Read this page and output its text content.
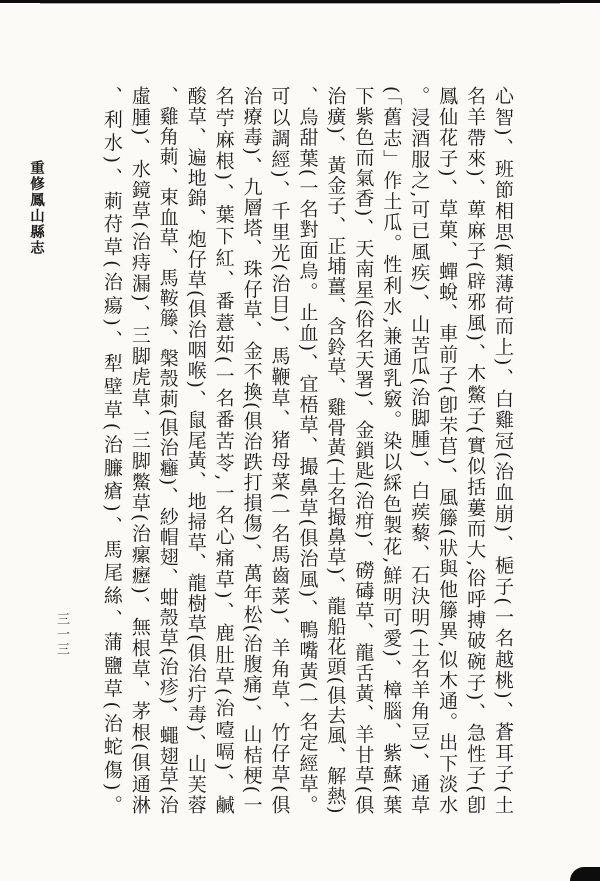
重修鳳山縣志
三一三	心智)、班節相思(類薄荷而上)、白雞冠(治血崩)、梔子(一名越桃)、蒼耳子(土
名羊帶來)、萆麻子(辟邪風)、木鱉子(實似括蔞而大,俗呼搏破碗子)、急性子(卽
鳳仙花子)、草菓、蟬蛻、車前子(卽芣苢)、風籐(狀與他籐異,似木通。出下淡水
。浸酒服之,可已風疾)、山苦瓜(治脚腫)、白蒺藜、石決明(土名羊角豆)、通草
(「舊志」作土瓜。性利水,兼通乳竅。染以綵色製花,鮮明可愛)、樟腦、紫蘇(葉
下紫色而氣香)、天南星(俗名天署)、金鎖匙(治疳)、磱碡草、龍舌黃、羊甘草(俱
治癀)、黃金子、正埔薑、含鈴草、雞骨黃(土名撮鼻草)、龍船花頭(俱去風、解熱)
、烏甜葉(一名對面烏。止血)、宜梧草、撮鼻草(俱治風)、鴨嘴黃(一名定經草。
可以調經)、千里光(治目)、馬鞭草、猪母菜(一名馬齒菜)、羊角草、竹仔草(俱
治療毒)、九層塔、珠仔草、金不換(俱治跌打損傷)、萬年松(治腹痛)、山桔梗(一
名苧麻根)、葉下紅、番薏茹(一名番苦苓,一名心痛草)、鹿肚草(治噎嗝)、鹹
酸草、遍地錦、炮仔草(俱治咽喉)、鼠尾黃、地掃草、龍樹草(俱治疔毒)、山芙蓉
、雞角莿、束血草、馬鞍籐、槃殼莿(俱治癰)、紗帽翅、蚶殼草(治疹)、蠅翅草(治
虛腫)、水鏡草(治痔漏)、三脚虎草、三脚鱉草(治瘰癧)、無根草、茅根(俱通淋
、利水)、莿苻草(治瘍)、犁壁草(治臁瘡)、馬尾絲、蒲鹽草(治蛇傷)。
